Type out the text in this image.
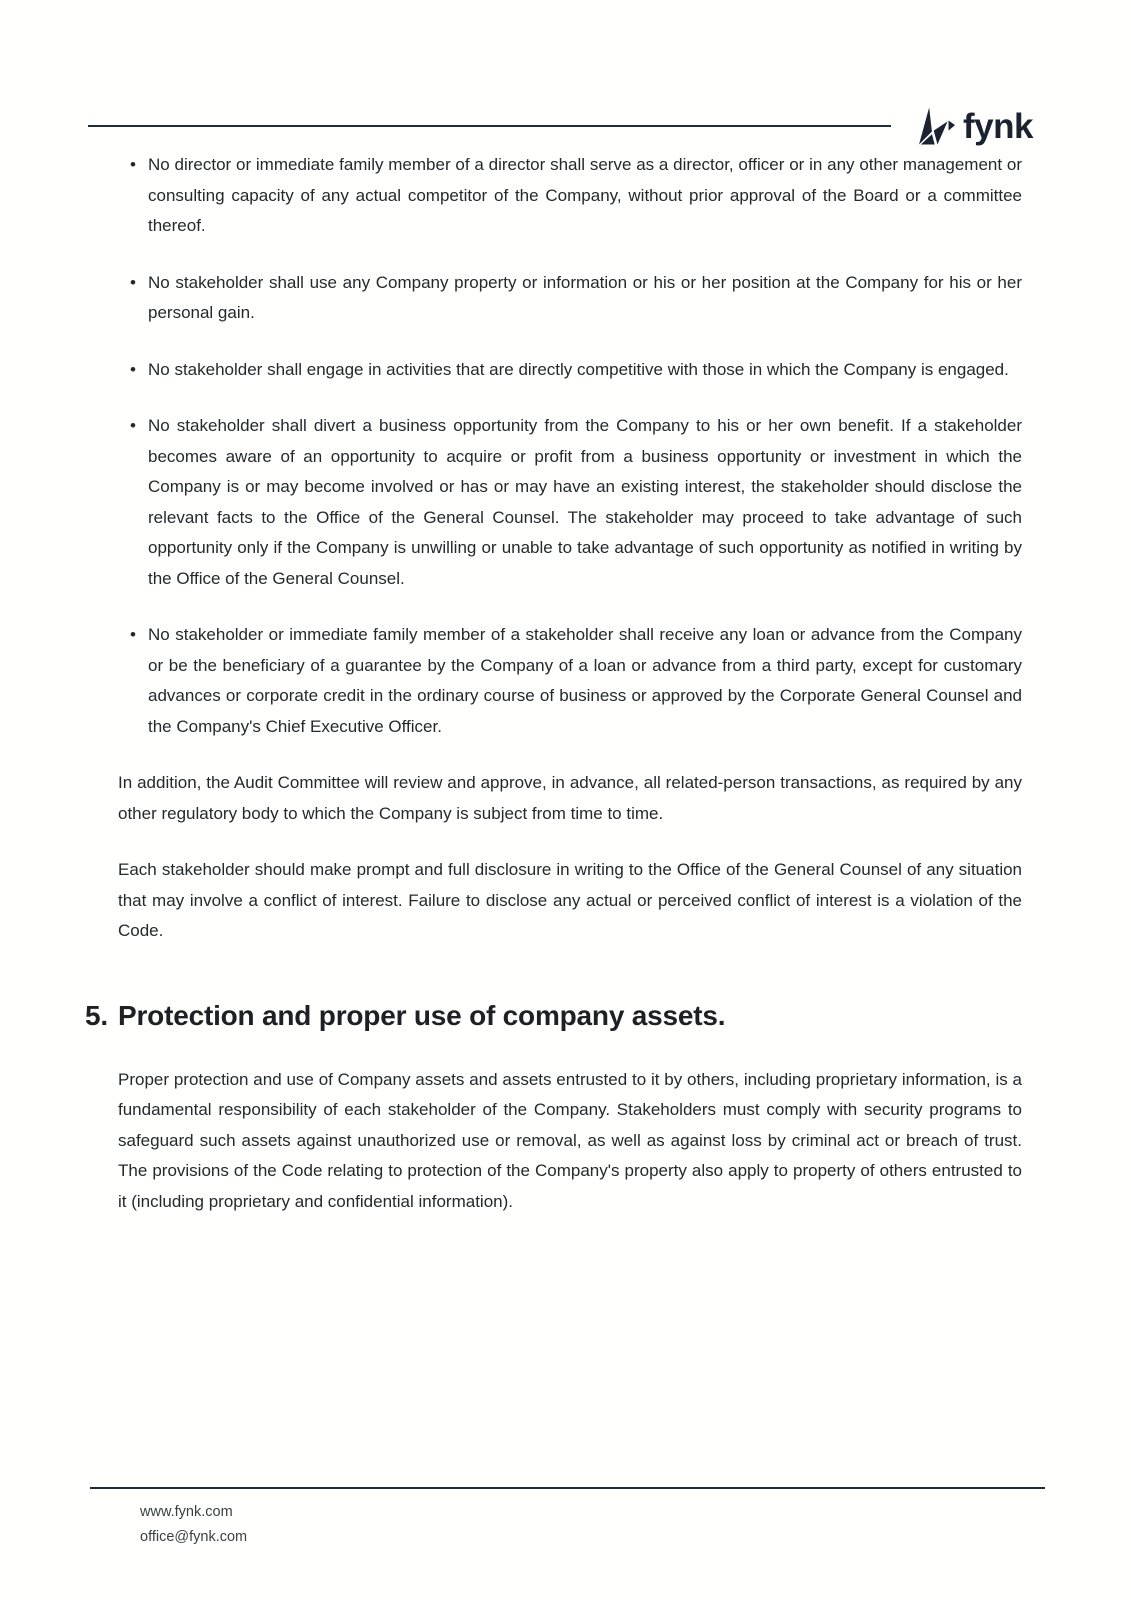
fynk
• No director or immediate family member of a director shall serve as a director, officer or in any other management or consulting capacity of any actual competitor of the Company, without prior approval of the Board or a committee thereof.
• No stakeholder shall use any Company property or information or his or her position at the Company for his or her personal gain.
• No stakeholder shall engage in activities that are directly competitive with those in which the Company is engaged.
• No stakeholder shall divert a business opportunity from the Company to his or her own benefit. If a stakeholder becomes aware of an opportunity to acquire or profit from a business opportunity or investment in which the Company is or may become involved or has or may have an existing interest, the stakeholder should disclose the relevant facts to the Office of the General Counsel. The stakeholder may proceed to take advantage of such opportunity only if the Company is unwilling or unable to take advantage of such opportunity as notified in writing by the Office of the General Counsel.
• No stakeholder or immediate family member of a stakeholder shall receive any loan or advance from the Company or be the beneficiary of a guarantee by the Company of a loan or advance from a third party, except for customary advances or corporate credit in the ordinary course of business or approved by the Corporate General Counsel and the Company's Chief Executive Officer.

In addition, the Audit Committee will review and approve, in advance, all related-person transactions, as required by any other regulatory body to which the Company is subject from time to time.

Each stakeholder should make prompt and full disclosure in writing to the Office of the General Counsel of any situation that may involve a conflict of interest. Failure to disclose any actual or perceived conflict of interest is a violation of the Code.

5. Protection and proper use of company assets.

Proper protection and use of Company assets and assets entrusted to it by others, including proprietary information, is a fundamental responsibility of each stakeholder of the Company. Stakeholders must comply with security programs to safeguard such assets against unauthorized use or removal, as well as against loss by criminal act or breach of trust. The provisions of the Code relating to protection of the Company's property also apply to property of others entrusted to it (including proprietary and confidential information).

www.fynk.com
office@fynk.com
